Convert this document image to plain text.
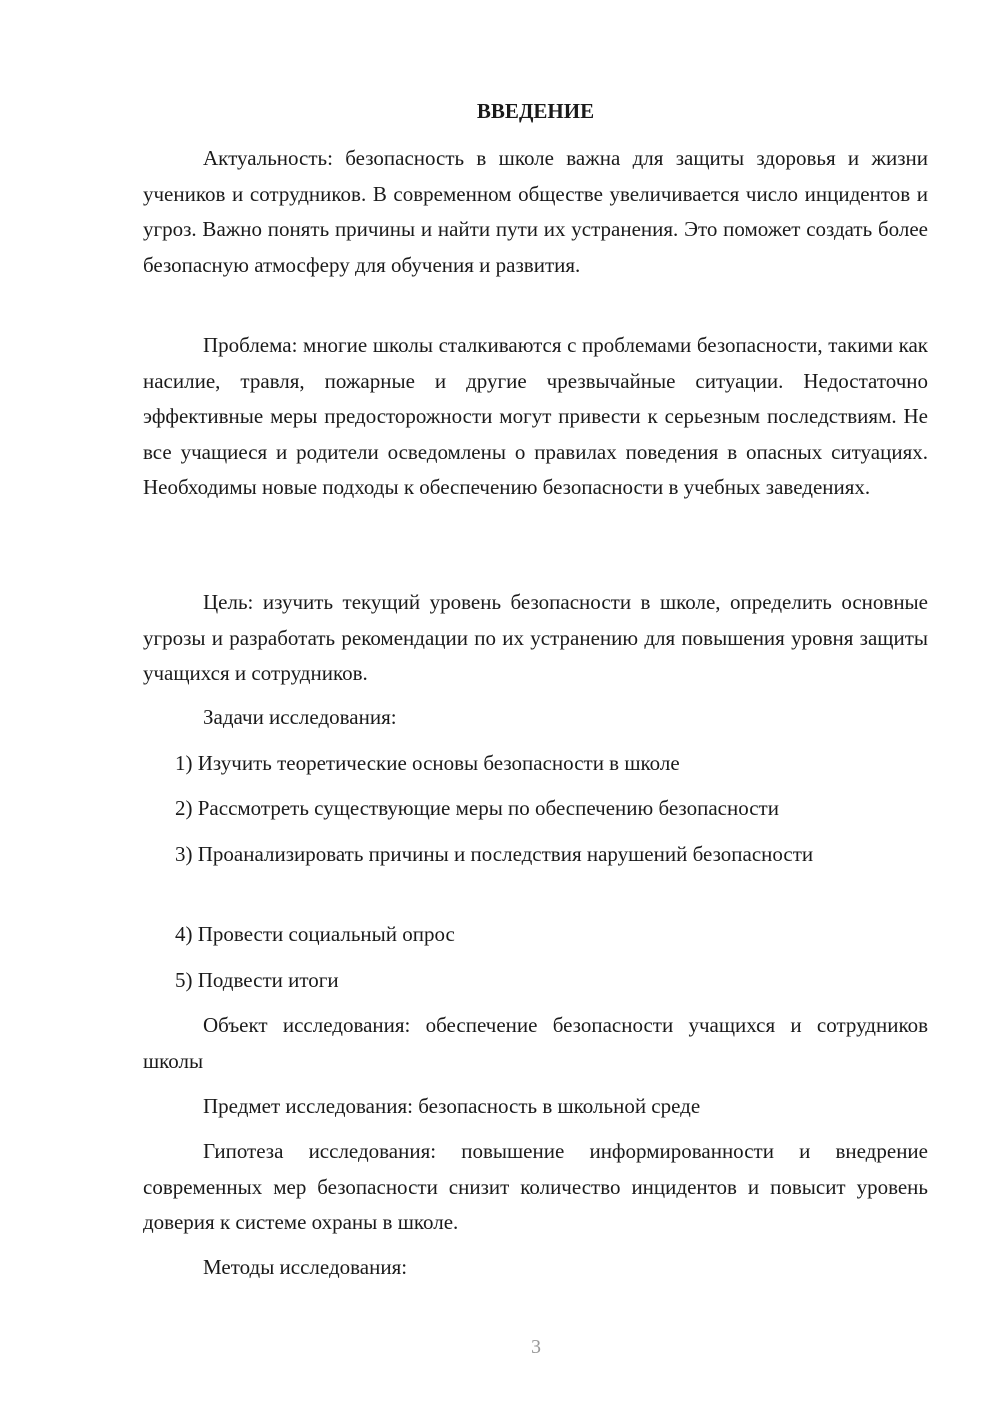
ВВЕДЕНИЕ

Актуальность: безопасность в школе важна для защиты здоровья и жизни учеников и сотрудников. В современном обществе увеличивается число инцидентов и угроз. Важно понять причины и найти пути их устранения. Это поможет создать более безопасную атмосферу для обучения и развития.

Проблема: многие школы сталкиваются с проблемами безопасности, такими как насилие, травля, пожарные и другие чрезвычайные ситуации. Недостаточно эффективные меры предосторожности могут привести к серьезным последствиям. Не все учащиеся и родители осведомлены о правилах поведения в опасных ситуациях. Необходимы новые подходы к обеспечению безопасности в учебных заведениях.

Цель: изучить текущий уровень безопасности в школе, определить основные угрозы и разработать рекомендации по их устранению для повышения уровня защиты учащихся и сотрудников.

Задачи исследования:

1) Изучить теоретические основы безопасности в школе

2) Рассмотреть существующие меры по обеспечению безопасности

3) Проанализировать причины и последствия нарушений безопасности

4) Провести социальный опрос

5) Подвести итоги

Объект исследования: обеспечение безопасности учащихся и сотрудников школы

Предмет исследования: безопасность в школьной среде

Гипотеза исследования: повышение информированности и внедрение современных мер безопасности снизит количество инцидентов и повысит уровень доверия к системе охраны в школе.

Методы исследования:

3
